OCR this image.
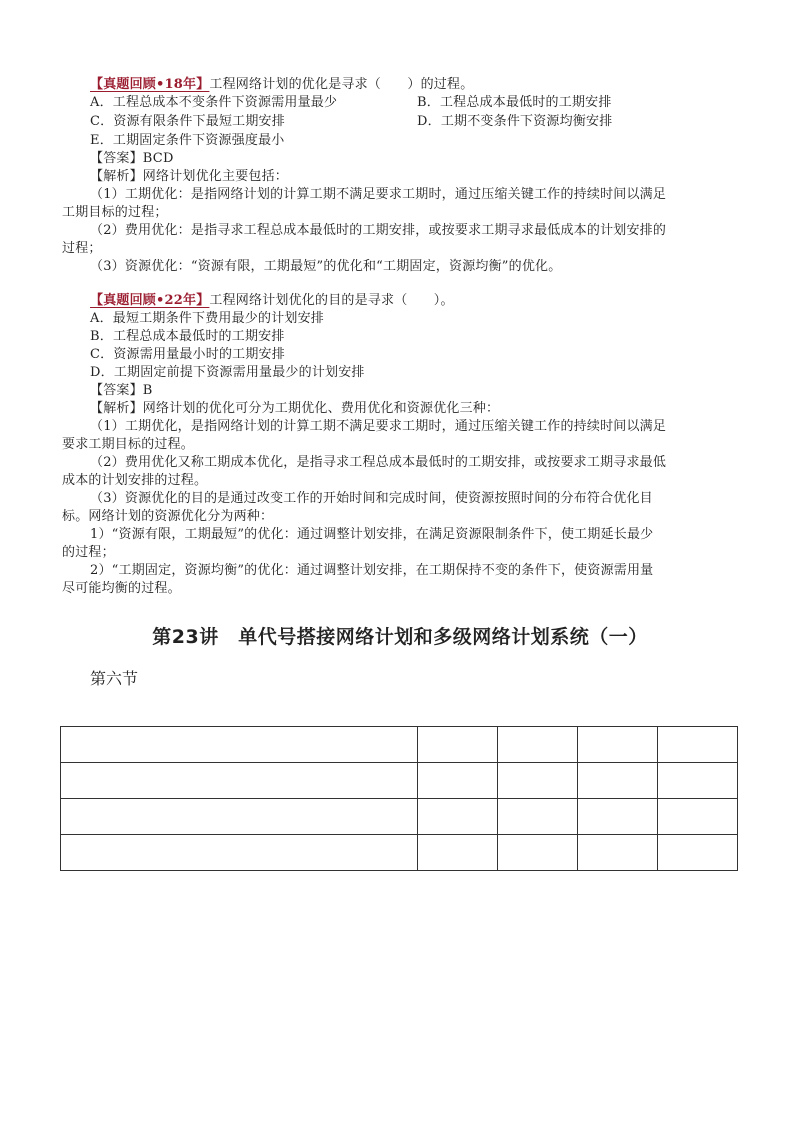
【真题回顾•18年】工程网络计划的优化是寻求（　　）的过程。
A．工程总成本不变条件下资源需用量最少	B．工程总成本最低时的工期安排
C．资源有限条件下最短工期安排	D．工期不变条件下资源均衡安排
E．工期固定条件下资源强度最小
【答案】BCD
【解析】网络计划优化主要包括：
（1）工期优化：是指网络计划的计算工期不满足要求工期时，通过压缩关键工作的持续时间以满足
工期目标的过程；
（2）费用优化：是指寻求工程总成本最低时的工期安排，或按要求工期寻求最低成本的计划安排的
过程；
（3）资源优化：“资源有限，工期最短”的优化和“工期固定，资源均衡”的优化。
【真题回顾•22年】工程网络计划优化的目的是寻求（　　）。
A．最短工期条件下费用最少的计划安排
B．工程总成本最低时的工期安排
C．资源需用量最小时的工期安排
D．工期固定前提下资源需用量最少的计划安排
【答案】B
【解析】网络计划的优化可分为工期优化、费用优化和资源优化三种：
（1）工期优化，是指网络计划的计算工期不满足要求工期时，通过压缩关键工作的持续时间以满足
要求工期目标的过程。
（2）费用优化又称工期成本优化，是指寻求工程总成本最低时的工期安排，或按要求工期寻求最低
成本的计划安排的过程。
（3）资源优化的目的是通过改变工作的开始时间和完成时间，使资源按照时间的分布符合优化目
标。网络计划的资源优化分为两种：
1）“资源有限，工期最短”的优化：通过调整计划安排，在满足资源限制条件下，使工期延长最少
的过程；
2）“工期固定，资源均衡”的优化：通过调整计划安排，在工期保持不变的条件下，使资源需用量
尽可能均衡的过程。
第23讲　单代号搭接网络计划和多级网络计划系统（一）
第六节
